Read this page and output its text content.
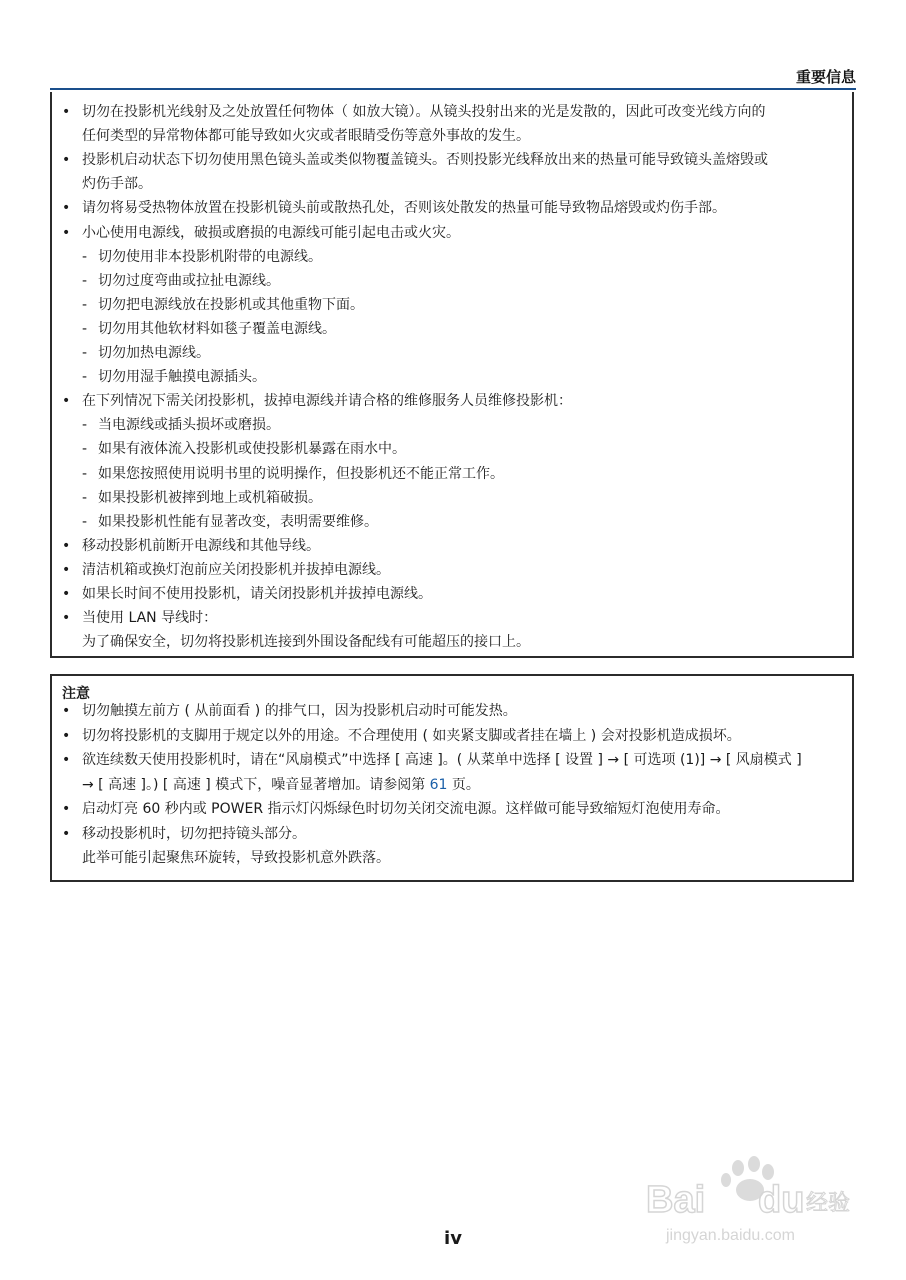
重要信息
• 切勿在投影机光线射及之处放置任何物体（ 如放大镜）。从镜头投射出来的光是发散的，因此可改变光线方向的
任何类型的异常物体都可能导致如火灾或者眼睛受伤等意外事故的发生。
• 投影机启动状态下切勿使用黑色镜头盖或类似物覆盖镜头。否则投影光线释放出来的热量可能导致镜头盖熔毁或
灼伤手部。
• 请勿将易受热物体放置在投影机镜头前或散热孔处，否则该处散发的热量可能导致物品熔毁或灼伤手部。
• 小心使用电源线，破损或磨损的电源线可能引起电击或火灾。
- 切勿使用非本投影机附带的电源线。
- 切勿过度弯曲或拉扯电源线。
- 切勿把电源线放在投影机或其他重物下面。
- 切勿用其他软材料如毯子覆盖电源线。
- 切勿加热电源线。
- 切勿用湿手触摸电源插头。
• 在下列情况下需关闭投影机，拔掉电源线并请合格的维修服务人员维修投影机：
- 当电源线或插头损坏或磨损。
- 如果有液体流入投影机或使投影机暴露在雨水中。
- 如果您按照使用说明书里的说明操作，但投影机还不能正常工作。
- 如果投影机被摔到地上或机箱破损。
- 如果投影机性能有显著改变，表明需要维修。
• 移动投影机前断开电源线和其他导线。
• 清洁机箱或换灯泡前应关闭投影机并拔掉电源线。
• 如果长时间不使用投影机，请关闭投影机并拔掉电源线。
• 当使用 LAN 导线时：
为了确保安全，切勿将投影机连接到外围设备配线有可能超压的接口上。
注意
• 切勿触摸左前方 ( 从前面看 ) 的排气口，因为投影机启动时可能发热。
• 切勿将投影机的支脚用于规定以外的用途。不合理使用 ( 如夹紧支脚或者挂在墙上 ) 会对投影机造成损坏。
• 欲连续数天使用投影机时，请在“风扇模式”中选择 [ 高速 ]。( 从菜单中选择 [ 设置 ] → [ 可选项 (1)] → [ 风扇模式 ]
→ [ 高速 ]。) [ 高速 ] 模式下，噪音显著增加。请参阅第 61 页。
• 启动灯亮 60 秒内或 POWER 指示灯闪烁绿色时切勿关闭交流电源。这样做可能导致缩短灯泡使用寿命。
• 移动投影机时，切勿把持镜头部分。
此举可能引起聚焦环旋转，导致投影机意外跌落。
iv
Bai du 经验
jingyan.baidu.com
